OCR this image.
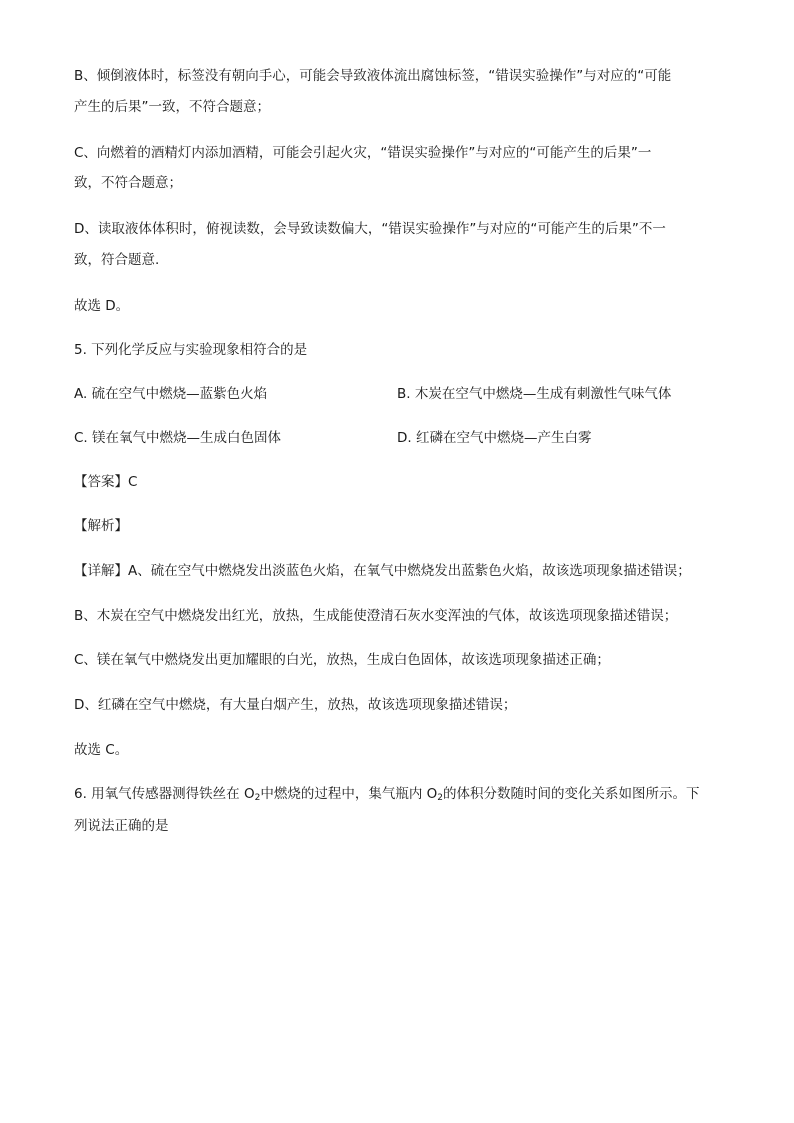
B、倾倒液体时，标签没有朝向手心，可能会导致液体流出腐蚀标签，“错误实验操作”与对应的“可能
产生的后果”一致，不符合题意；
C、向燃着的酒精灯内添加酒精，可能会引起火灾，“错误实验操作”与对应的“可能产生的后果”一
致，不符合题意；
D、读取液体体积时，俯视读数，会导致读数偏大，“错误实验操作”与对应的“可能产生的后果”不一
致，符合题意.
故选 D。
5. 下列化学反应与实验现象相符合的是
A. 硫在空气中燃烧—蓝紫色火焰	B. 木炭在空气中燃烧—生成有刺激性气味气体
C. 镁在氧气中燃烧—生成白色固体	D. 红磷在空气中燃烧—产生白雾
【答案】C
【解析】
【详解】A、硫在空气中燃烧发出淡蓝色火焰，在氧气中燃烧发出蓝紫色火焰，故该选项现象描述错误；
B、木炭在空气中燃烧发出红光，放热，生成能使澄清石灰水变浑浊的气体，故该选项现象描述错误；
C、镁在氧气中燃烧发出更加耀眼的白光，放热，生成白色固体，故该选项现象描述正确；
D、红磷在空气中燃烧，有大量白烟产生，放热，故该选项现象描述错误；
故选 C。
6. 用氧气传感器测得铁丝在 $O_2$中燃烧的过程中，集气瓶内 $O_2$的体积分数随时间的变化关系如图所示。下
列说法正确的是
